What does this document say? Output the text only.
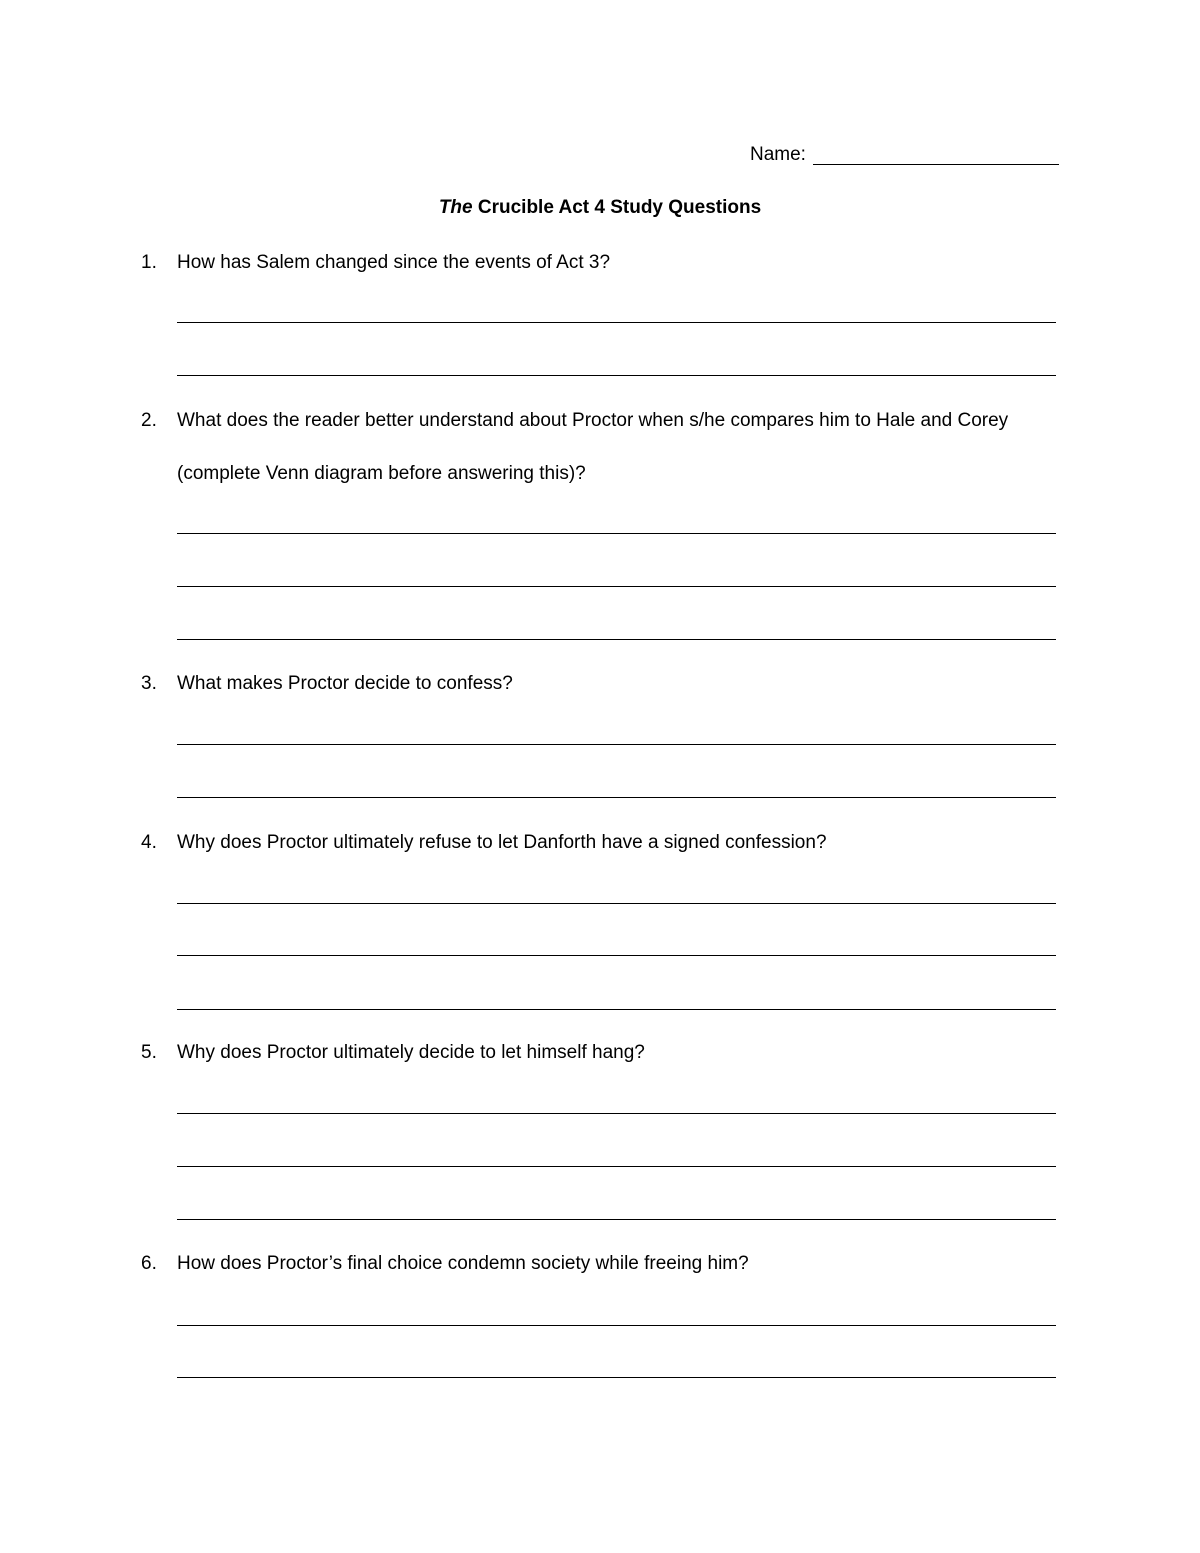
Name:
The Crucible Act 4 Study Questions
1. How has Salem changed since the events of Act 3?
2. What does the reader better understand about Proctor when s/he compares him to Hale and Corey
(complete Venn diagram before answering this)?
3. What makes Proctor decide to confess?
4. Why does Proctor ultimately refuse to let Danforth have a signed confession?
5. Why does Proctor ultimately decide to let himself hang?
6. How does Proctor’s final choice condemn society while freeing him?
